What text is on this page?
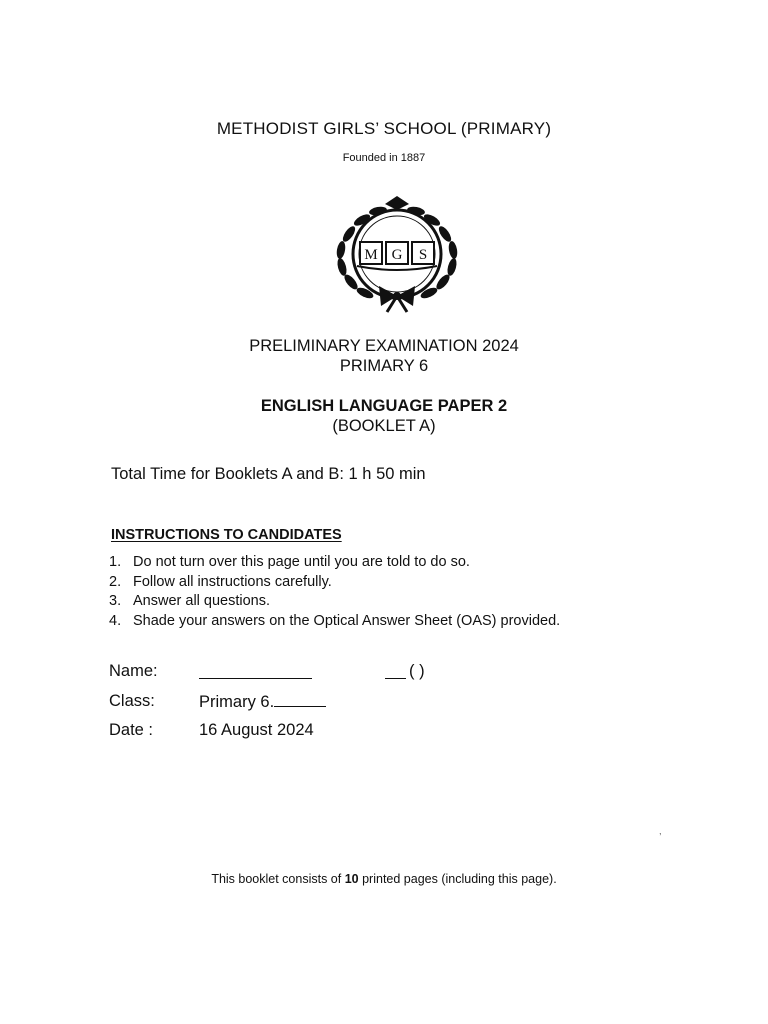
METHODIST GIRLS’ SCHOOL (PRIMARY)
Founded in 1887
M G S
PRELIMINARY EXAMINATION 2024
PRIMARY 6
ENGLISH LANGUAGE PAPER 2
(BOOKLET A)
Total Time for Booklets A and B: 1 h 50 min
INSTRUCTIONS TO CANDIDATES
1. Do not turn over this page until you are told to do so.
2. Follow all instructions carefully.
3. Answer all questions.
4. Shade your answers on the Optical Answer Sheet (OAS) provided.
Name:	( )
Class:	Primary 6.
Date :	16 August 2024
,
This booklet consists of 10 printed pages (including this page).
